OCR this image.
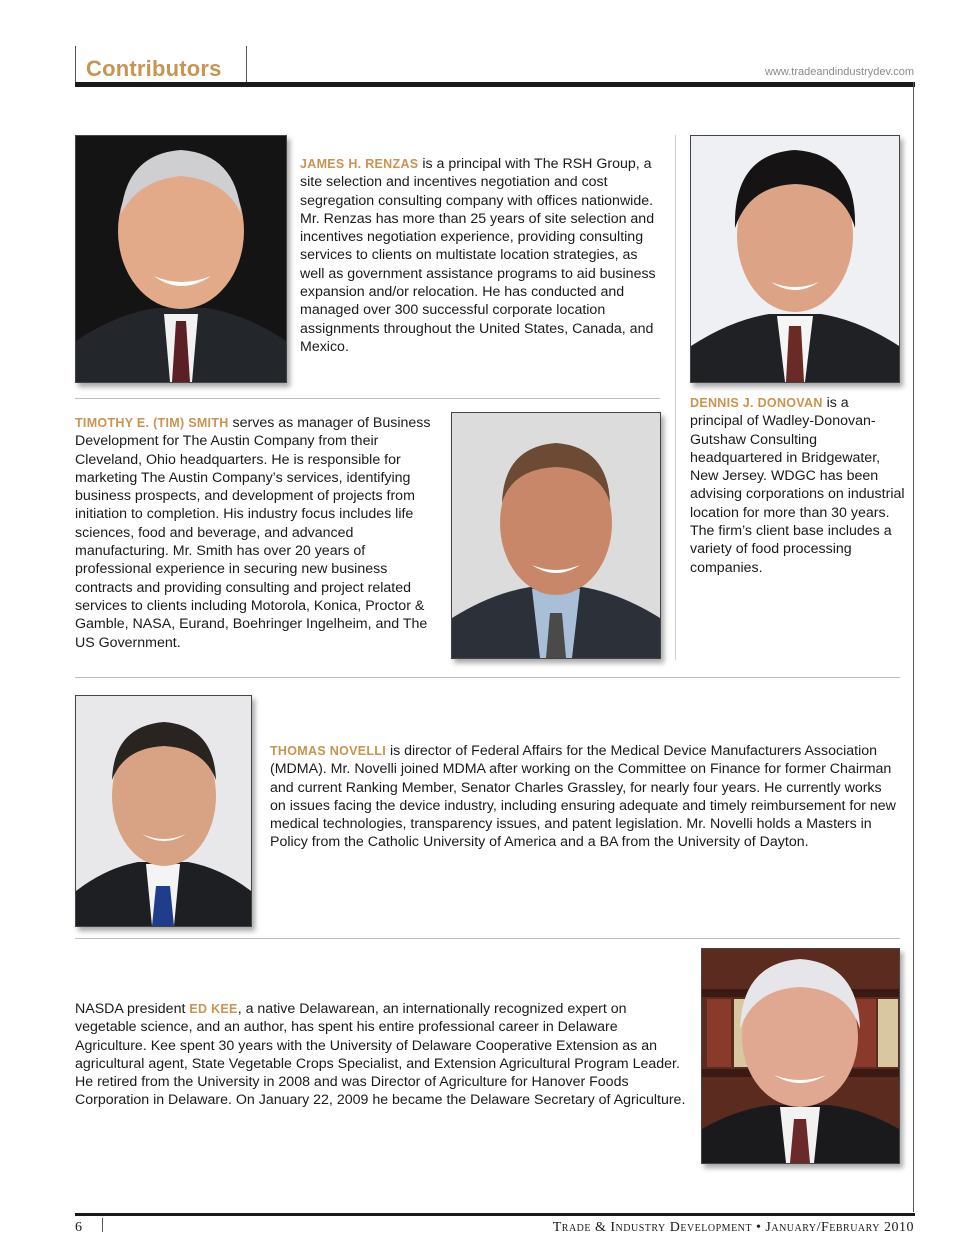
Contributors	www.tradeandindustrydev.com
JAMES H. RENZAS is a principal with The RSH Group, a site selection and incentives negotiation and cost segregation consulting company with offices nationwide. Mr. Renzas has more than 25 years of site selection and incentives negotiation experience, providing consulting services to clients on multistate location strategies, as well as government assistance programs to aid business expansion and/or relocation. He has conducted and managed over 300 successful corporate location assignments throughout the United States, Canada, and Mexico.
DENNIS J. DONOVAN is a principal of Wadley-Donovan-Gutshaw Consulting headquartered in Bridgewater, New Jersey. WDGC has been advising corporations on industrial location for more than 30 years. The firm’s client base includes a variety of food processing companies.
TIMOTHY E. (TIM) SMITH serves as manager of Business Development for The Austin Company from their Cleveland, Ohio headquarters. He is responsible for marketing The Austin Company’s services, identifying business prospects, and development of projects from initiation to completion. His industry focus includes life sciences, food and beverage, and advanced manufacturing. Mr. Smith has over 20 years of professional experience in securing new business contracts and providing consulting and project related services to clients including Motorola, Konica, Proctor & Gamble, NASA, Eurand, Boehringer Ingelheim, and The US Government.
THOMAS NOVELLI is director of Federal Affairs for the Medical Device Manufacturers Association (MDMA). Mr. Novelli joined MDMA after working on the Committee on Finance for former Chairman and current Ranking Member, Senator Charles Grassley, for nearly four years. He currently works on issues facing the device industry, including ensuring adequate and timely reimbursement for new medical technologies, transparency issues, and patent legislation. Mr. Novelli holds a Masters in Policy from the Catholic University of America and a BA from the University of Dayton.
NASDA president ED KEE, a native Delawarean, an internationally recognized expert on vegetable science, and an author, has spent his entire professional career in Delaware Agriculture. Kee spent 30 years with the University of Delaware Cooperative Extension as an agricultural agent, State Vegetable Crops Specialist, and Extension Agricultural Program Leader. He retired from the University in 2008 and was Director of Agriculture for Hanover Foods Corporation in Delaware. On January 22, 2009 he became the Delaware Secretary of Agriculture.
6	Trade & Industry Development • January/February 2010
